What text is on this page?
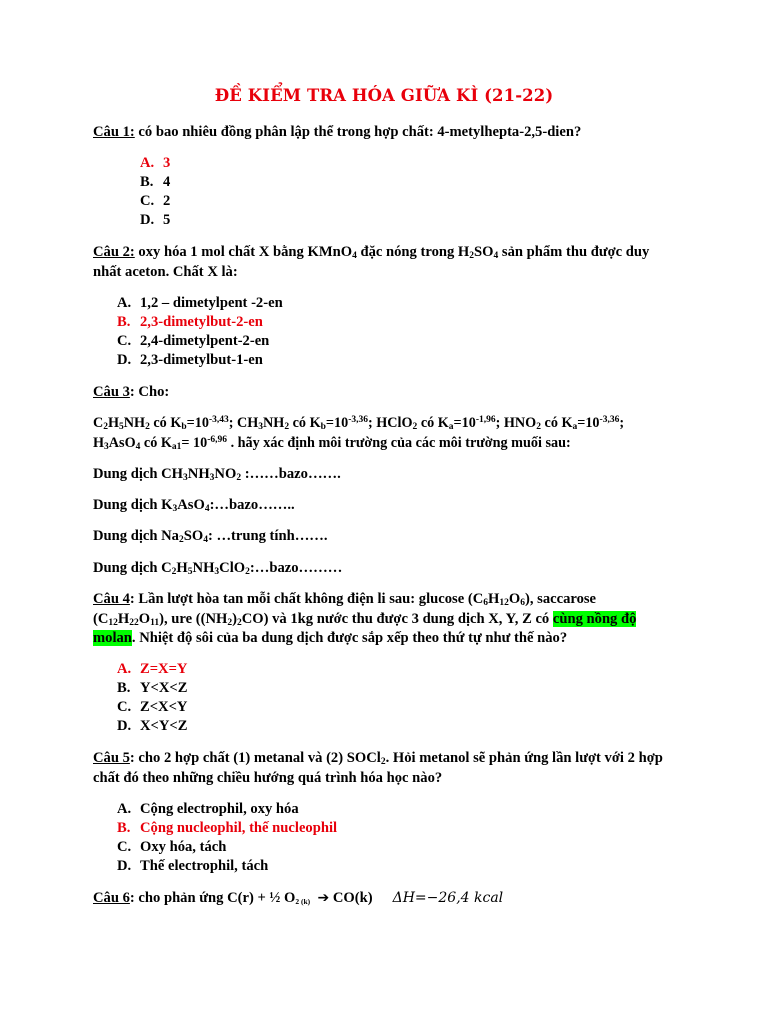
ĐỀ KIỂM TRA HÓA GIỮA KÌ (21-22)
Câu 1: có bao nhiêu đồng phân lập thể trong hợp chất: 4-metylhepta-2,5-dien?
A. 3
B. 4
C. 2
D. 5
Câu 2: oxy hóa 1 mol chất X bằng KMnO$_4$ đặc nóng trong $H_2SO_4$ sản phẩm thu được duy nhất aceton. Chất X là:
A. 1,2 – dimetylpent -2-en
B. 2,3-dimetylbut-2-en
C. 2,4-dimetylpent-2-en
D. 2,3-dimetylbut-1-en
Câu 3: Cho:
$C_2H_5NH_2$ có $K_b=10^{-3,43}$; $CH_3NH_2$ có $K_b=10^{-3,36}$; HClO$_2$ có $K_a=10^{-1,96}$; $HNO_2$ có $K_a=10^{-3,36}$; $H_3AsO_4$ có $K_{a1}= 10^{-6,96}$ . hãy xác định môi trường của các môi trường muối sau:
Dung dịch $CH_3NH_3NO_2$ :……bazo…….
Dung dịch $K_3AsO_4:\dots bazo\dots\dots$..
Dung dịch $Na_2SO_4$: …trung tính…….
Dung dịch $C_2H_5NH_3ClO_2:\dots bazo\dots\dots\dots$
Câu 4: Lần lượt hòa tan mỗi chất không điện li sau: glucose $(C_6H_{12}O_6)$, saccarose $(C_{12}H_{22}O_{11})$, ure $((NH_2)_2CO)$ và 1kg nước thu được 3 dung dịch X, Y, Z có cùng nồng độ molan. Nhiệt độ sôi của ba dung dịch được sắp xếp theo thứ tự như thế nào?
A. Z=X=Y
B. Y<X<Z
C. Z<X<Y
D. X<Y<Z
Câu 5: cho 2 hợp chất (1) metanal và (2) SOCl$_2$. Hỏi metanol sẽ phản ứng lần lượt với 2 hợp chất đó theo những chiều hướng quá trình hóa học nào?
A. Cộng electrophil, oxy hóa
B. Cộng nucleophil, thế nucleophil
C. Oxy hóa, tách
D. Thế electrophil, tách
Câu 6: cho phản ứng C(r) + ½ $O_{2 (k)}$ ➔ CO(k) ΔH=−26,4 kcal
